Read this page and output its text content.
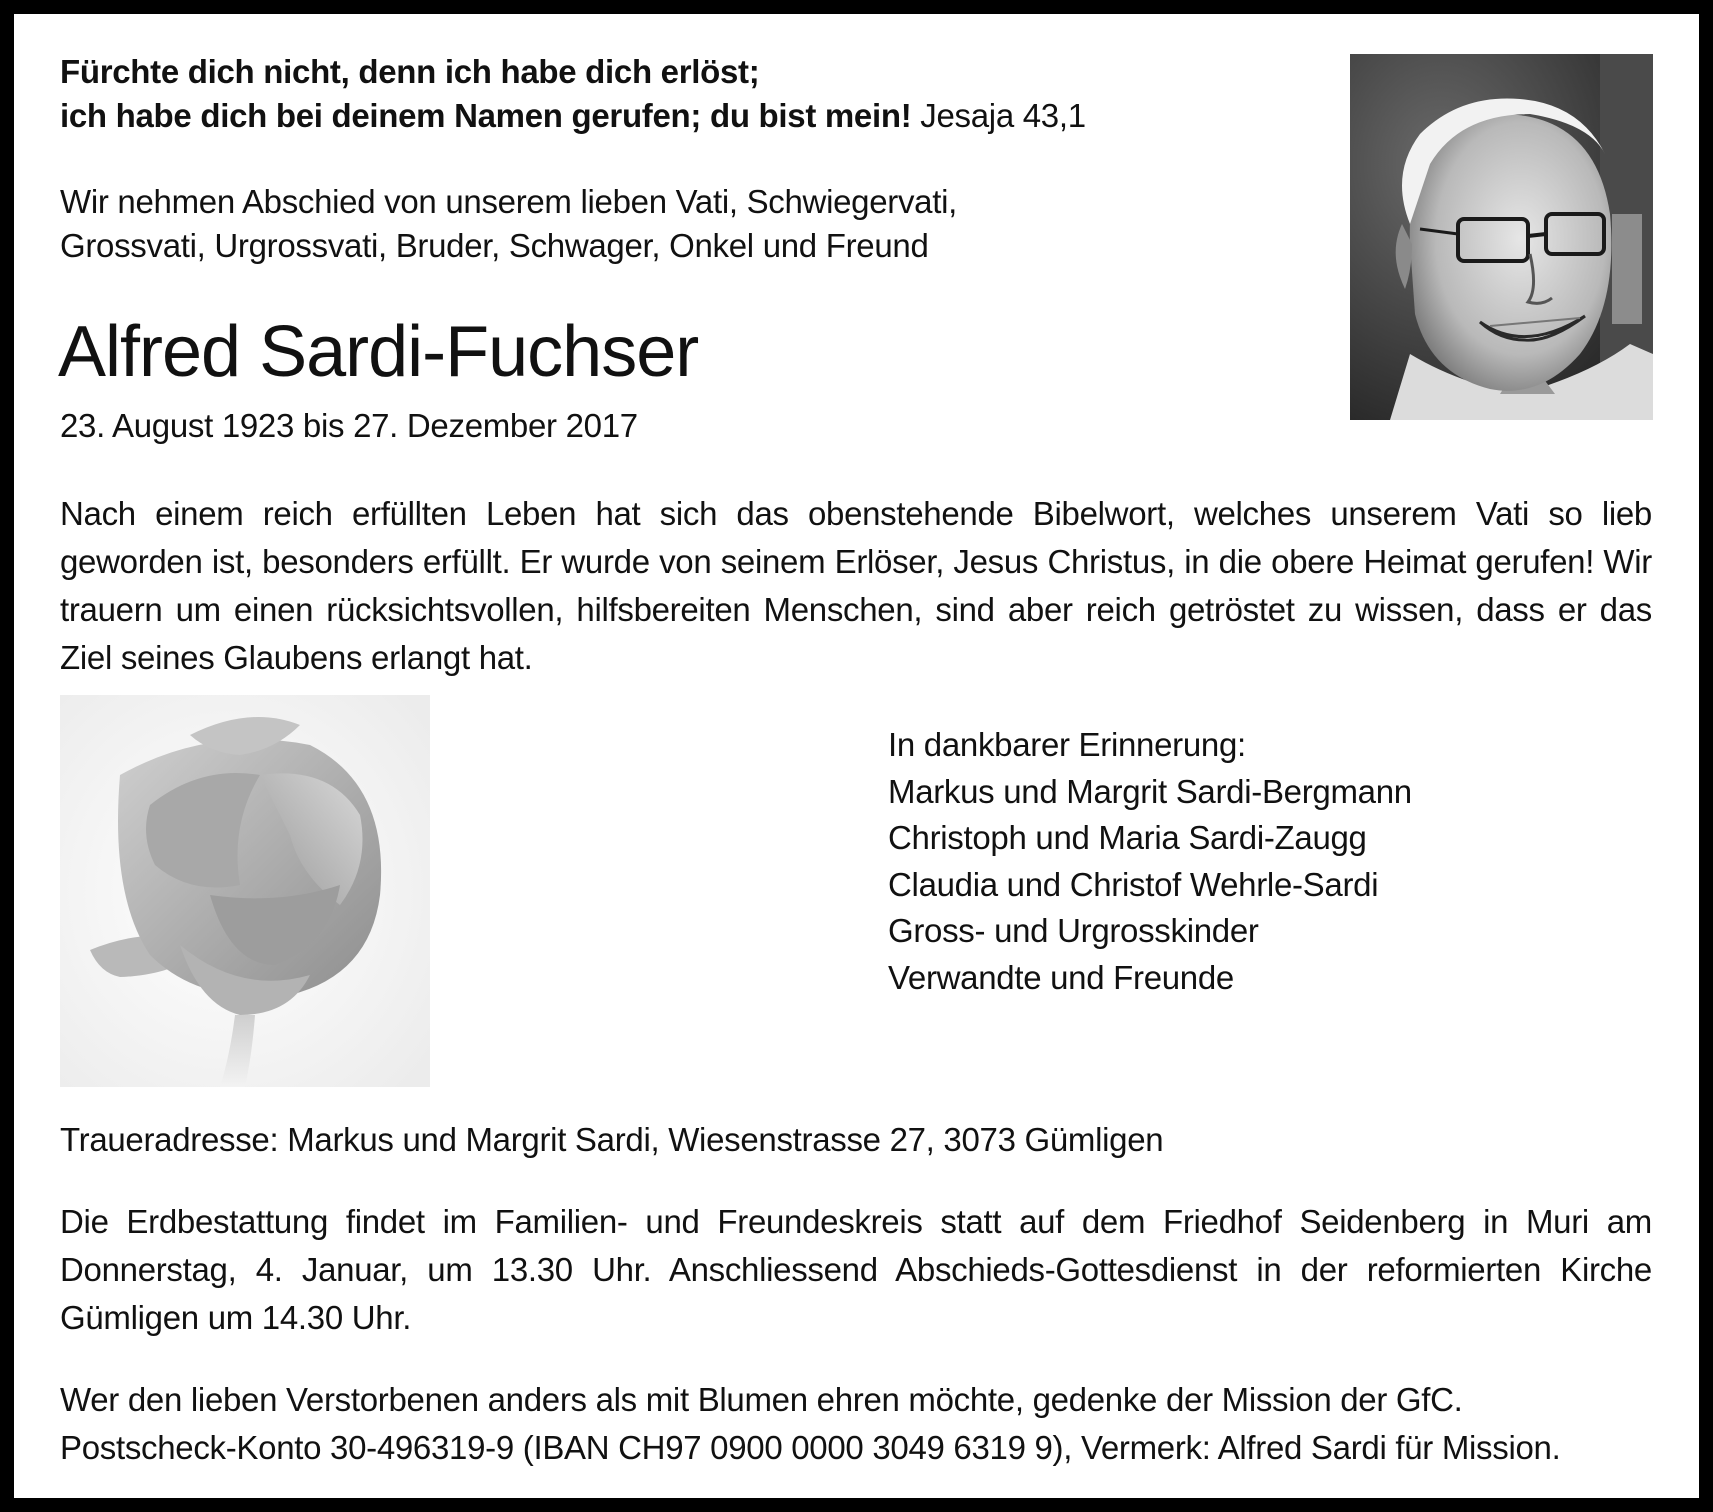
Fürchte dich nicht, denn ich habe dich erlöst;
ich habe dich bei deinem Namen gerufen; du bist mein! Jesaja 43,1
Wir nehmen Abschied von unserem lieben Vati, Schwiegervati,
Grossvati, Urgrossvati, Bruder, Schwager, Onkel und Freund
Alfred Sardi-Fuchser
23. August 1923 bis 27. Dezember 2017
Nach einem reich erfüllten Leben hat sich das obenstehende Bibelwort, welches unserem Vati so lieb geworden ist, besonders erfüllt. Er wurde von seinem Erlöser, Jesus Christus, in die obere Heimat gerufen! Wir trauern um einen rücksichtsvollen, hilfsbereiten Menschen, sind aber reich getröstet zu wissen, dass er das Ziel seines Glaubens erlangt hat.
In dankbarer Erinnerung:
Markus und Margrit Sardi-Bergmann
Christoph und Maria Sardi-Zaugg
Claudia und Christof Wehrle-Sardi
Gross- und Urgrosskinder
Verwandte und Freunde
Traueradresse: Markus und Margrit Sardi, Wiesenstrasse 27, 3073 Gümligen
Die Erdbestattung findet im Familien- und Freundeskreis statt auf dem Friedhof Seidenberg in Muri am Donnerstag, 4. Januar, um 13.30 Uhr. Anschliessend Abschieds-Gottesdienst in der reformierten Kirche Gümligen um 14.30 Uhr.
Wer den lieben Verstorbenen anders als mit Blumen ehren möchte, gedenke der Mission der GfC.
Postscheck-Konto 30-496319-9 (IBAN CH97 0900 0000 3049 6319 9), Vermerk: Alfred Sardi für Mission.
